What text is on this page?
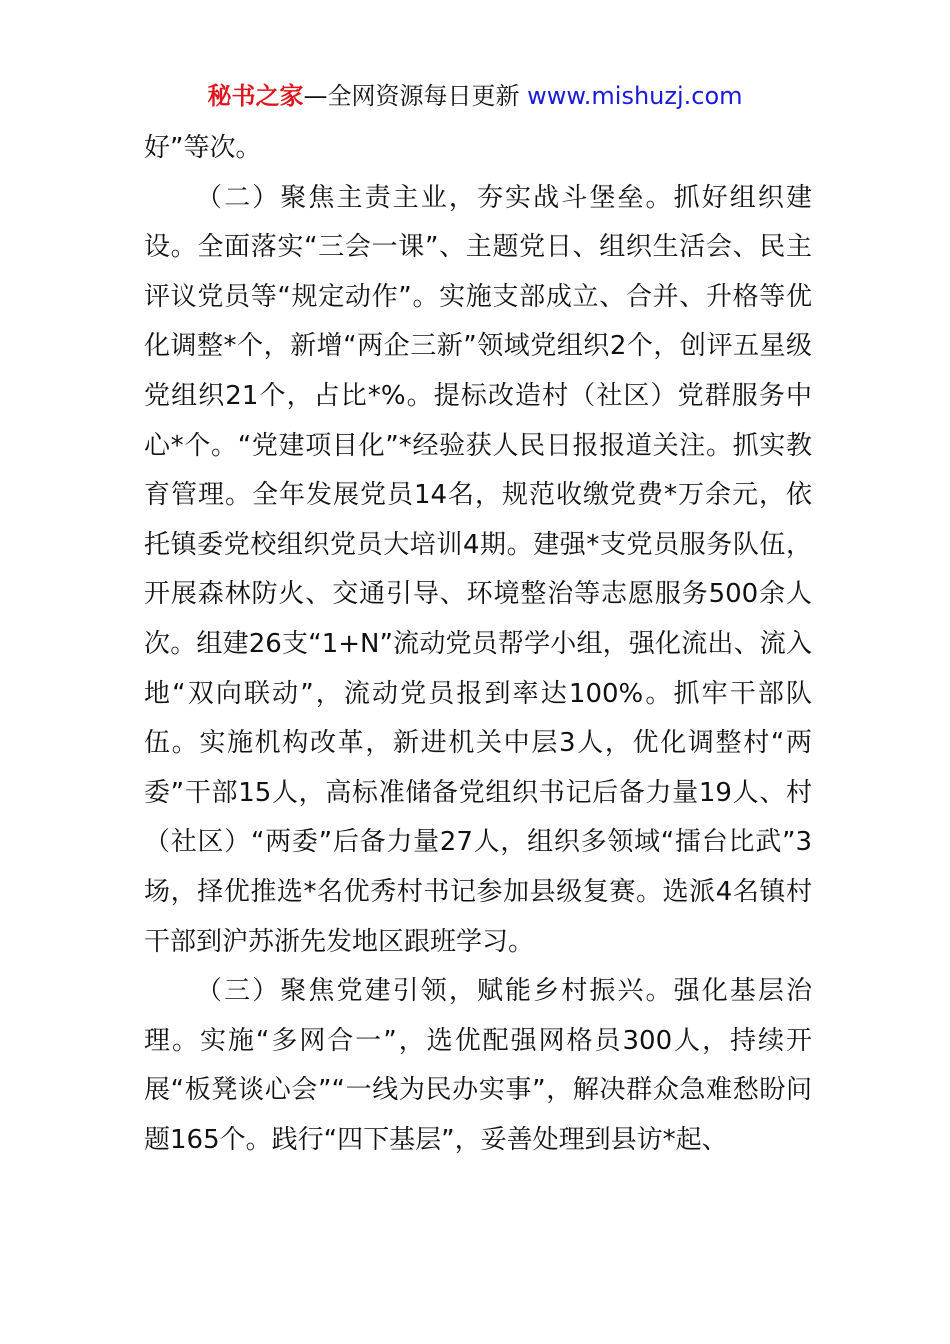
秘书之家—全网资源每日更新 www.mishuzj.com

好”等次。

（二）聚焦主责主业，夯实战斗堡垒。抓好组织建设。全面落实“三会一课”、主题党日、组织生活会、民主评议党员等“规定动作”。实施支部成立、合并、升格等优化调整*个，新增“两企三新”领域党组织2个，创评五星级党组织21个，占比*%。提标改造村（社区）党群服务中心*个。“党建项目化”*经验获人民日报报道关注。抓实教育管理。全年发展党员14名，规范收缴党费*万余元，依托镇委党校组织党员大培训4期。建强*支党员服务队伍，开展森林防火、交通引导、环境整治等志愿服务500余人次。组建26支“1+N”流动党员帮学小组，强化流出、流入地“双向联动”，流动党员报到率达100%。抓牢干部队伍。实施机构改革，新进机关中层3人，优化调整村“两委”干部15人，高标准储备党组织书记后备力量19人、村（社区）“两委”后备力量27人，组织多领域“擂台比武”3场，择优推选*名优秀村书记参加县级复赛。选派4名镇村干部到沪苏浙先发地区跟班学习。

（三）聚焦党建引领，赋能乡村振兴。强化基层治理。实施“多网合一”，选优配强网格员300人，持续开展“板凳谈心会”“一线为民办实事”，解决群众急难愁盼问题165个。践行“四下基层”，妥善处理到县访*起、
